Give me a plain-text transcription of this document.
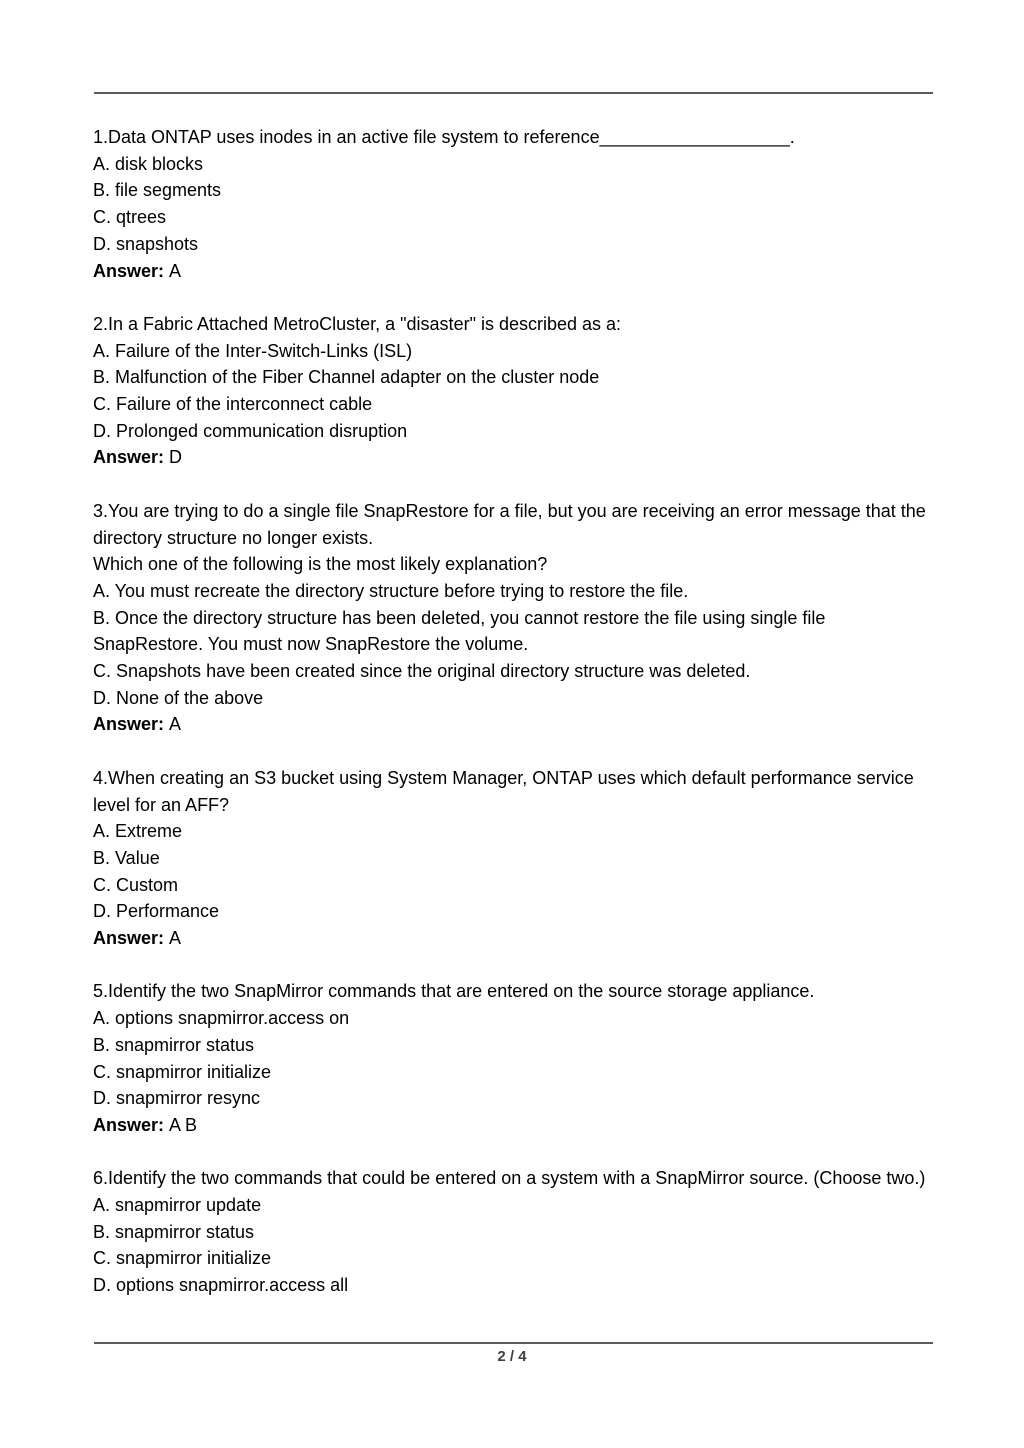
1.Data ONTAP uses inodes in an active file system to reference___________________.

A. disk blocks

B. file segments

C. qtrees

D. snapshots

Answer: A

2.In a Fabric Attached MetroCluster, a "disaster" is described as a:

A. Failure of the Inter-Switch-Links (ISL)

B. Malfunction of the Fiber Channel adapter on the cluster node

C. Failure of the interconnect cable

D. Prolonged communication disruption

Answer: D

3.You are trying to do a single file SnapRestore for a file, but you are receiving an error message that the directory structure no longer exists.

Which one of the following is the most likely explanation?

A. You must recreate the directory structure before trying to restore the file.

B. Once the directory structure has been deleted, you cannot restore the file using single file SnapRestore. You must now SnapRestore the volume.

C. Snapshots have been created since the original directory structure was deleted.

D. None of the above

Answer: A

4.When creating an S3 bucket using System Manager, ONTAP uses which default performance service level for an AFF?

A. Extreme

B. Value

C. Custom

D. Performance

Answer: A

5.Identify the two SnapMirror commands that are entered on the source storage appliance.

A. options snapmirror.access on

B. snapmirror status

C. snapmirror initialize

D. snapmirror resync

Answer: A B

6.Identify the two commands that could be entered on a system with a SnapMirror source. (Choose two.)

A. snapmirror update

B. snapmirror status

C. snapmirror initialize

D. options snapmirror.access all

2 / 4
